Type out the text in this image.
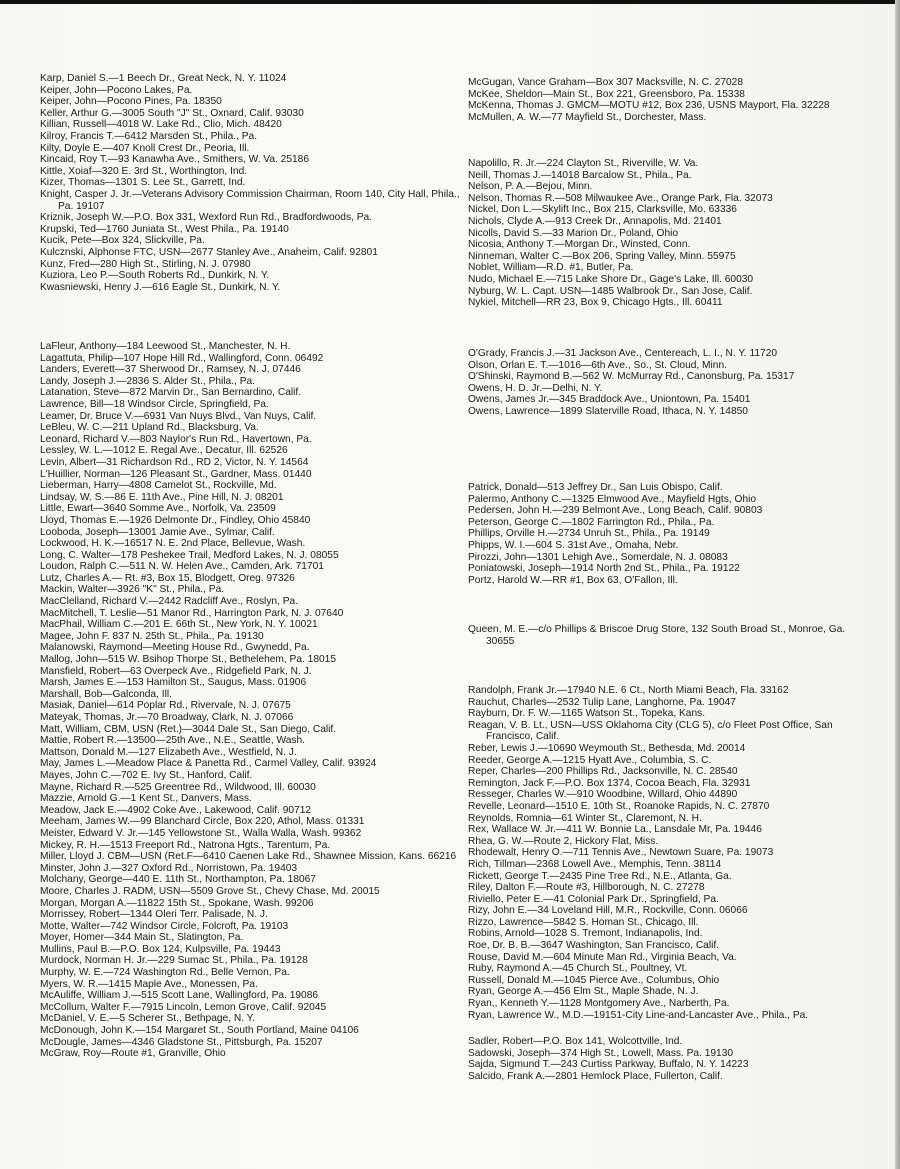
Karp, Daniel S.—1 Beech Dr., Great Neck, N. Y. 11024
Keiper, John—Pocono Lakes, Pa.
Keiper, John—Pocono Pines, Pa. 18350
Keller, Arthur G.—3005 South "J" St., Oxnard, Calif. 93030
Killian, Russell—4018 W. Lake Rd., Clio, Mich. 48420
Kilroy, Francis T.—6412 Marsden St., Phila., Pa.
Kilty, Doyle E.—407 Knoll Crest Dr., Peoria, Ill.
Kincaid, Roy T.—93 Kanawha Ave., Smithers, W. Va. 25186
Kittle, Xoiaf—320 E. 3rd St., Worthington, Ind.
Kizer, Thomas—1301 S. Lee St., Garrett, Ind.
Knight, Casper J. Jr.—Veterans Advisory Commission Chairman, Room 140, City Hall, Phila., Pa. 19107
Kriznik, Joseph W.—P.O. Box 331, Wexford Run Rd., Bradfordwoods, Pa.
Krupski, Ted—1760 Juniata St., West Phila., Pa. 19140
Kucik, Pete—Box 324, Slickville, Pa.
Kulcznski, Alphonse FTC, USN—2677 Stanley Ave., Anaheim, Calif. 92801
Kunz, Fred—280 High St., Stirling, N. J. 07980
Kuziora, Leo P.—South Roberts Rd., Dunkirk, N. Y.
Kwasniewski, Henry J.—616 Eagle St., Dunkirk, N. Y.
LaFleur, Anthony—184 Leewood St., Manchester, N. H.
Lagattuta, Philip—107 Hope Hill Rd., Wallingford, Conn. 06492
Landers, Everett—37 Sherwood Dr., Ramsey, N. J. 07446
Landy, Joseph J.—2836 S. Alder St., Phila., Pa.
Latanation, Steve—872 Marvin Dr., San Bernardino, Calif.
Lawrence, Bill—18 Windsor Circle, Springfield, Pa.
Leamer, Dr. Bruce V.—6931 Van Nuys Blvd., Van Nuys, Calif.
LeBleu, W. C.—211 Upland Rd., Blacksburg, Va.
Leonard, Richard V.—803 Naylor's Run Rd., Havertown, Pa.
Lessley, W. L.—1012 E. Regal Ave., Decatur, Ill. 62526
Levin, Albert—31 Richardson Rd., RD 2, Victor, N. Y. 14564
L'Huillier, Norman—126 Pleasant St., Gardner, Mass. 01440
Lieberman, Harry—4808 Camelot St., Rockville, Md.
Lindsay, W. S.—86 E. 11th Ave., Pine Hill, N. J. 08201
Little, Ewart—3640 Somme Ave., Norfolk, Va. 23509
Lloyd, Thomas E.—1926 Delmonte Dr., Findley, Ohio 45840
Looboda, Joseph—13001 Jamie Ave., Sylmar, Calif.
Lockwood, H. K.—16517 N. E. 2nd Place, Bellevue, Wash.
Long, C. Walter—178 Peshekee Trail, Medford Lakes, N. J. 08055
Loudon, Ralph C.—511 N. W. Helen Ave., Camden, Ark. 71701
Lutz, Charles A.— Rt. #3, Box 15, Blodgett, Oreg. 97326
Mackin, Walter—3926 "K" St., Phila., Pa.
MacClelland, Richard V.—2442 Radcliff Ave., Roslyn, Pa.
MacMitchell, T. Leslie—51 Manor Rd., Harrington Park, N. J. 07640
MacPhail, William C.—201 E. 66th St., New York, N. Y. 10021
Magee, John F. 837 N. 25th St., Phila., Pa. 19130
Malanowski, Raymond—Meeting House Rd., Gwynedd, Pa.
Mallog, John—515 W. Bsihop Thorpe St., Bethelehem, Pa. 18015
Mansfield, Robert—63 Overpeck Ave., Ridgefield Park, N. J.
Marsh, James E.—153 Hamilton St., Saugus, Mass. 01906
Marshall, Bob—Galconda, Ill.
Masiak, Daniel—614 Poplar Rd., Rivervale, N. J. 07675
Mateyak, Thomas, Jr.—70 Broadway, Clark, N. J. 07066
Matt, William, CBM, USN (Ret.)—3044 Dale St., San Diego, Calif.
Mattie, Robert R.—13500—25th Ave., N.E., Seattle, Wash.
Mattson, Donald M.—127 Elizabeth Ave., Westfield, N. J.
May, James L.—Meadow Place & Panetta Rd., Carmel Valley, Calif. 93924
Mayes, John C.—702 E. Ivy St., Hanford, Calif.
Mayne, Richard R.—525 Greentree Rd., Wildwood, Ill. 60030
Mazzie, Arnold G.—1 Kent St., Danvers, Mass.
Meadow, Jack E.—4902 Coke Ave., Lakewood, Calif. 90712
Meeham, James W.—99 Blanchard Circle, Box 220, Athol, Mass. 01331
Meister, Edward V. Jr.—145 Yellowstone St., Walla Walla, Wash. 99362
Mickey, R. H.—1513 Freeport Rd., Natrona Hgts., Tarentum, Pa.
Miller, Lloyd J. CBM—USN (Ret.F—6410 Caenen Lake Rd., Shawnee Mission, Kans. 66216
Minster, John J.—327 Oxford Rd., Norristown, Pa. 19403
Molchany, George—440 E. 11th St., Northampton, Pa. 18067
Moore, Charles J. RADM, USN—5509 Grove St., Chevy Chase, Md. 20015
Morgan, Morgan A.—11822 15th St., Spokane, Wash. 99206
Morrissey, Robert—1344 Oleri Terr. Palisade, N. J.
Motte, Walter—742 Windsor Circle, Folcroft, Pa. 19103
Moyer, Homer—344 Main St., Slatington, Pa.
Mullins, Paul B.—P.O. Box 124, Kulpsville, Pa. 19443
Murdock, Norman H. Jr.—229 Sumac St., Phila., Pa. 19128
Murphy, W. E.—724 Washington Rd., Belle Vernon, Pa.
Myers, W. R.—1415 Maple Ave., Monessen, Pa.
McAuliffe, William J.—515 Scott Lane, Wallingford, Pa. 19086
McCollum, Walter F.—7915 Lincoln, Lemon Grove, Calif. 92045
McDaniel, V. E.—5 Scherer St., Bethpage, N. Y.
McDonough, John K.—154 Margaret St., South Portland, Maine 04106
McDougle, James—4346 Gladstone St., Pittsburgh, Pa. 15207
McGraw, Roy—Route #1, Granville, Ohio
McGugan, Vance Graham—Box 307 Macksville, N. C. 27028
McKee, Sheldon—Main St., Box 221, Greensboro, Pa. 15338
McKenna, Thomas J. GMCM—MOTU #12, Box 236, USNS Mayport, Fla. 32228
McMullen, A. W.—77 Mayfield St., Dorchester, Mass.
Napolillo, R. Jr.—224 Clayton St., Riverville, W. Va.
Neill, Thomas J.—14018 Barcalow St., Phila., Pa.
Nelson, P. A.—Bejou, Minn.
Nelson, Thomas R.—508 Milwaukee Ave., Orange Park, Fla. 32073
Nickel, Don L.—Skylift Inc., Box 215, Clarksville, Mo. 63336
Nichols, Clyde A.—913 Creek Dr., Annapolis, Md. 21401
Nicolls, David S.—33 Marion Dr., Poland, Ohio
Nicosia, Anthony T.—Morgan Dr., Winsted, Conn.
Ninneman, Walter C.—Box 206, Spring Valley, Minn. 55975
Noblet, William—R.D. #1, Butler, Pa.
Nudo, Michael E.—715 Lake Shore Dr., Gage's Lake, Ill. 60030
Nyburg, W. L. Capt. USN—1485 Walbrook Dr., San Jose, Calif.
Nykiel, Mitchell—RR 23, Box 9, Chicago Hgts., Ill. 60411
O'Grady, Francis J.—31 Jackson Ave., Centereach, L. I., N. Y. 11720
Olson, Orlan E. T.—1016—6th Ave., So., St. Cloud, Minn.
O'Shinski, Raymond B.—562 W. McMurray Rd., Canonsburg, Pa. 15317
Owens, H. D. Jr.—Delhi, N. Y.
Owens, James Jr.—345 Braddock Ave., Uniontown, Pa. 15401
Owens, Lawrence—1899 Slaterville Road, Ithaca, N. Y. 14850
Patrick, Donald—513 Jeffrey Dr., San Luis Obispo, Calif.
Palermo, Anthony C.—1325 Elmwood Ave., Mayfield Hgts, Ohio
Pedersen, John H.—239 Belmont Ave., Long Beach, Calif. 90803
Peterson, George C.—1802 Farrington Rd., Phila., Pa.
Phillips, Orville H.—2734 Unruh St., Phila., Pa. 19149
Phipps, W. I.—604 S. 31st Ave., Omaha, Nebr.
Pirozzi, John—1301 Lehigh Ave., Somerdale, N. J. 08083
Poniatowski, Joseph—1914 North 2nd St., Phila., Pa. 19122
Portz, Harold W.—RR #1, Box 63, O'Fallon, Ill.
Queen, M. E.—c/o Phillips & Briscoe Drug Store, 132 South Broad St., Monroe, Ga. 30655
Randolph, Frank Jr.—17940 N.E. 6 Ct., North Miami Beach, Fla. 33162
Rauchut, Charles—2532 Tulip Lane, Langhorne, Pa. 19047
Rayburn, Dr. F. W.—1165 Watson St., Topeka, Kans.
Reagan, V. B. Lt., USN—USS Oklahoma City (CLG 5), c/o Fleet Post Office, San Francisco, Calif.
Reber, Lewis J.—10690 Weymouth St., Bethesda, Md. 20014
Reeder, George A.—1215 Hyatt Ave., Columbia, S. C.
Reper, Charles—200 Phillips Rd., Jacksonville, N. C. 28540
Remington, Jack F.—P.O. Box 1374, Cocoa Beach, Fla. 32931
Resseger, Charles W.—910 Woodbine, Willard, Ohio 44890
Revelle, Leonard—1510 E. 10th St., Roanoke Rapids, N. C. 27870
Reynolds, Romnia—61 Winter St., Claremont, N. H.
Rex, Wallace W. Jr.—411 W. Bonnie La., Lansdale Mr, Pa. 19446
Rhea, G. W.—Route 2, Hickory Flat, Miss.
Rhodewalt, Henry O.—711 Tennis Ave., Newtown Suare, Pa. 19073
Rich, Tillman—2368 Lowell Ave., Memphis, Tenn. 38114
Rickett, George T.—2435 Pine Tree Rd., N.E., Atlanta, Ga.
Riley, Dalton F.—Route #3, Hillborough, N. C. 27278
Riviello, Peter E.—41 Colonial Park Dr., Springfield, Pa.
Rizy, John E.—34 Loveland Hill, M.R., Rockville, Conn. 06066
Rizzo, Lawrence—5842 S. Homan St., Chicago, Ill.
Robins, Arnold—1028 S. Tremont, Indianapolis, Ind.
Roe, Dr. B. B.—3647 Washington, San Francisco, Calif.
Rouse, David M.—604 Minute Man Rd., Virginia Beach, Va.
Ruby, Raymond A.—45 Church St., Poultney, Vt.
Russell, Donald M.—1045 Pierce Ave., Columbus, Ohio
Ryan, George A.—456 Elm St., Maple Shade, N. J.
Ryan,, Kenneth Y.—1128 Montgomery Ave., Narberth, Pa.
Ryan, Lawrence W., M.D.—19151-City Line-and-Lancaster Ave., Phila., Pa.
Sadler, Robert—P.O. Box 141, Wolcottville, Ind.
Sadowski, Joseph—374 High St., Lowell, Mass. Pa. 19130
Sajda, Sigmund T.—243 Curtiss Parkway, Buffalo, N. Y. 14223
Salcido, Frank A.—2801 Hemlock Place, Fullerton, Calif.
